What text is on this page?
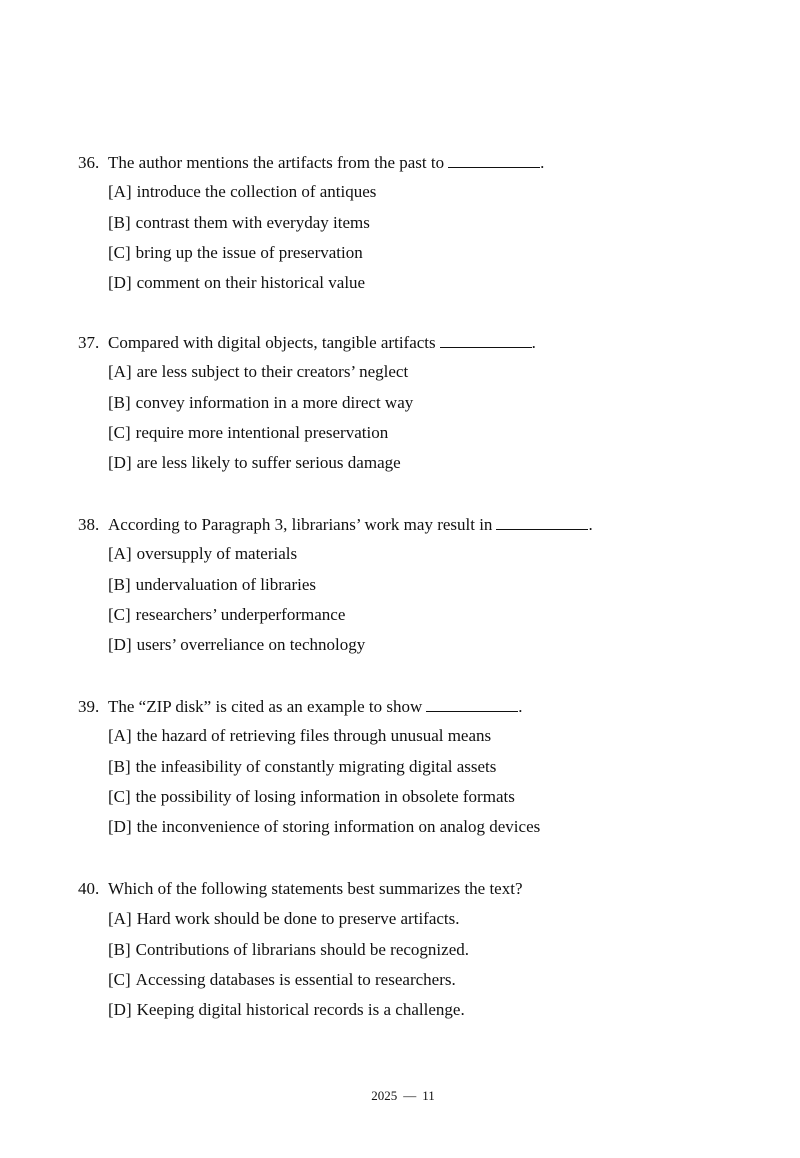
36. The author mentions the artifacts from the past to	.
[A] introduce the collection of antiques
[B] contrast them with everyday items
[C] bring up the issue of preservation
[D] comment on their historical value
37. Compared with digital objects, tangible artifacts	.
[A] are less subject to their creators’ neglect
[B] convey information in a more direct way
[C] require more intentional preservation
[D] are less likely to suffer serious damage
38. According to Paragraph 3, librarians’ work may result in	.
[A] oversupply of materials
[B] undervaluation of libraries
[C] researchers’ underperformance
[D] users’ overreliance on technology
39. The “ZIP disk” is cited as an example to show	.
[A] the hazard of retrieving files through unusual means
[B] the infeasibility of constantly migrating digital assets
[C] the possibility of losing information in obsolete formats
[D] the inconvenience of storing information on analog devices
40. Which of the following statements best summarizes the text?
[A] Hard work should be done to preserve artifacts.
[B] Contributions of librarians should be recognized.
[C] Accessing databases is essential to researchers.
[D] Keeping digital historical records is a challenge.
2025 — 11
